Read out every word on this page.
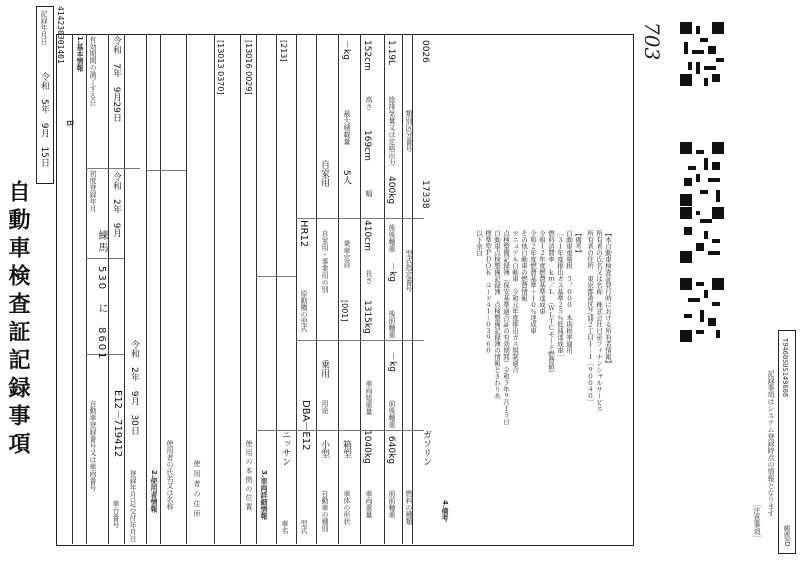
自動車検査証記録事項
B
記録年月日
令和　5年　9月　15日
414230301401 1.基本情報
自動車登録番号又は車両番号
練馬　530　に　8601
初度登録年月
有効期間の満了する日
車台番号
E12－719412
令和　2年　9月
令和　7年　9月29日
登録年月日/交付年月日
令和　2年　9月　30日
2.使用者情報 使用者の氏名又は名称	使用者の住所
[13013 0370]
使用の本拠の位置
[13016 0029]
3.車両詳細情報
車名
ニッサン
[213]
型式
DBA－E12
原動機の型式
HR12
自動車の種別
小型
用途
乗用
自家用・事業用の別
自家用
車体の形状
箱型
[001]
乗車定員
5人
最大積載量
－kg
車両重量
1040kg
車両総重量
1315kg
長さ
410cm
幅
169cm
高さ
152cm
前前軸重
640kg
前後軸重
－kg
後前軸重
－kg
後後軸重
400kg
総排気量又は定格出力
1.19L
燃料の種類
ガソリン
型式指定番号
17338
類別区分番号
0026
4.備考
【本自動車検査証発行時における所有者情報】
所有者の氏名又は名称　株式会社日産フィナンシャルサービス
所有者の住所　東京都港区芝浦２丁目１－１［９００４０］
【備考】
自動車重量税　５，０００　本則税率適用
［３１年度排出ガス基準２５％低減達成車］
燃料消費率　ｋｍ／Ｌ　（ＷＬＴＣモード燃費値）
令和１２年度燃費基準達成車
令和２年度燃費基準＋１０％達成車
その他自動車の燃費情報
マニュアル自動車　令和元年度排出ガス規制適合
点検整備記録簿（保安基準適合証の有効期間）令和５年９月１５日
自動車点検整備記録簿　点検整備記録簿の情報とさわりあ
標準型ＰＤＯＫ　コード４１－０３９６０
以下余白
［注意事項］
記録事項はシステム登録時点の情報となります
帳票ID
T9460SUS149608
703
